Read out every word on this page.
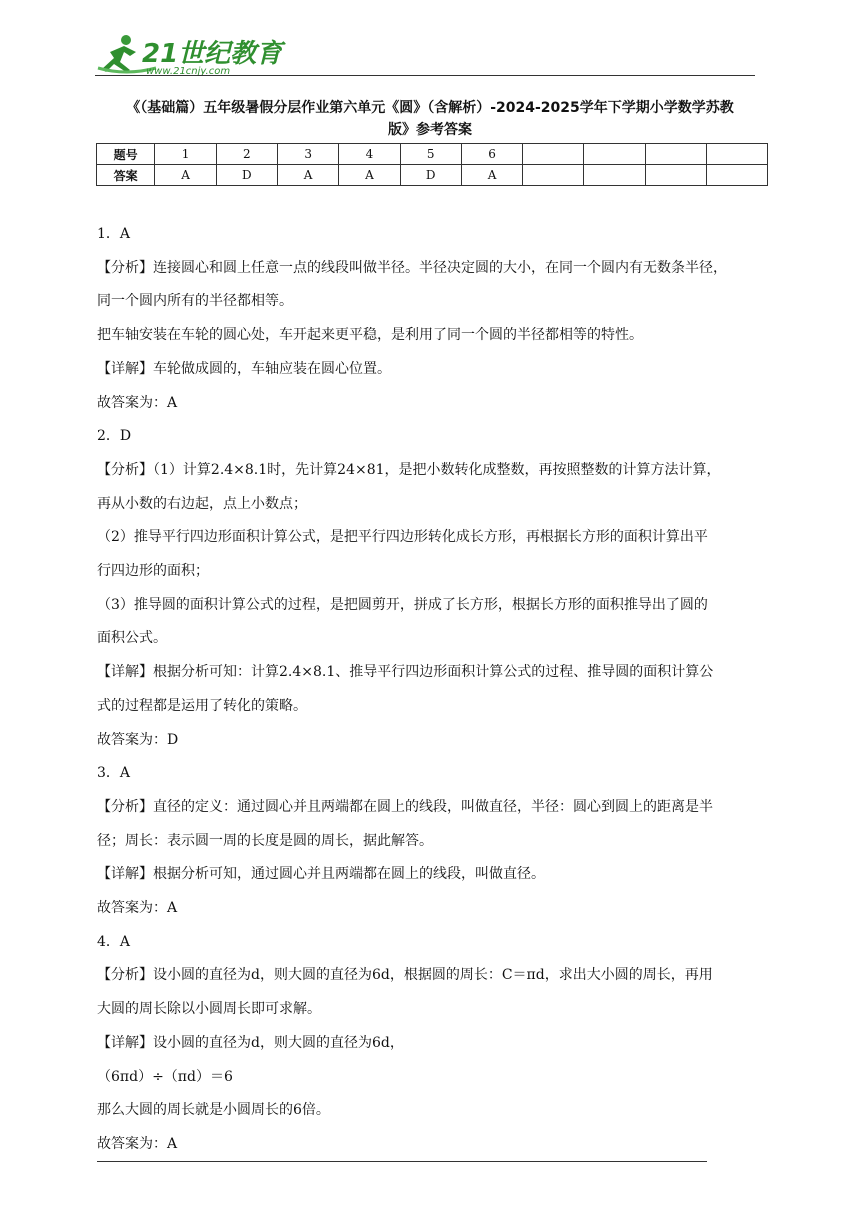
21世纪教育
www.21cnjy.com
《（基础篇）五年级暑假分层作业第六单元《圆》（含解析）-2024-2025学年下学期小学数学苏教
版》参考答案
题号	1	2	3	4	5	6				
答案	A	D	A	A	D	A				

1．A

【分析】连接圆心和圆上任意一点的线段叫做半径。半径决定圆的大小，在同一个圆内有无数条半径，

同一个圆内所有的半径都相等。

把车轴安装在车轮的圆心处，车开起来更平稳，是利用了同一个圆的半径都相等的特性。

【详解】车轮做成圆的，车轴应装在圆心位置。

故答案为：A

2．D

【分析】（1）计算2.4×8.1时，先计算24×81，是把小数转化成整数，再按照整数的计算方法计算，

再从小数的右边起，点上小数点；

（2）推导平行四边形面积计算公式，是把平行四边形转化成长方形，再根据长方形的面积计算出平

行四边形的面积；

（3）推导圆的面积计算公式的过程，是把圆剪开，拼成了长方形，根据长方形的面积推导出了圆的

面积公式。

【详解】根据分析可知：计算2.4×8.1、推导平行四边形面积计算公式的过程、推导圆的面积计算公

式的过程都是运用了转化的策略。

故答案为：D

3．A

【分析】直径的定义：通过圆心并且两端都在圆上的线段，叫做直径，半径：圆心到圆上的距离是半

径；周长：表示圆一周的长度是圆的周长，据此解答。

【详解】根据分析可知，通过圆心并且两端都在圆上的线段，叫做直径。

故答案为：A

4．A

【分析】设小圆的直径为d，则大圆的直径为6d，根据圆的周长：C＝πd，求出大小圆的周长，再用

大圆的周长除以小圆周长即可求解。

【详解】设小圆的直径为d，则大圆的直径为6d，

（6πd）÷（πd）＝6

那么大圆的周长就是小圆周长的6倍。

故答案为：A
